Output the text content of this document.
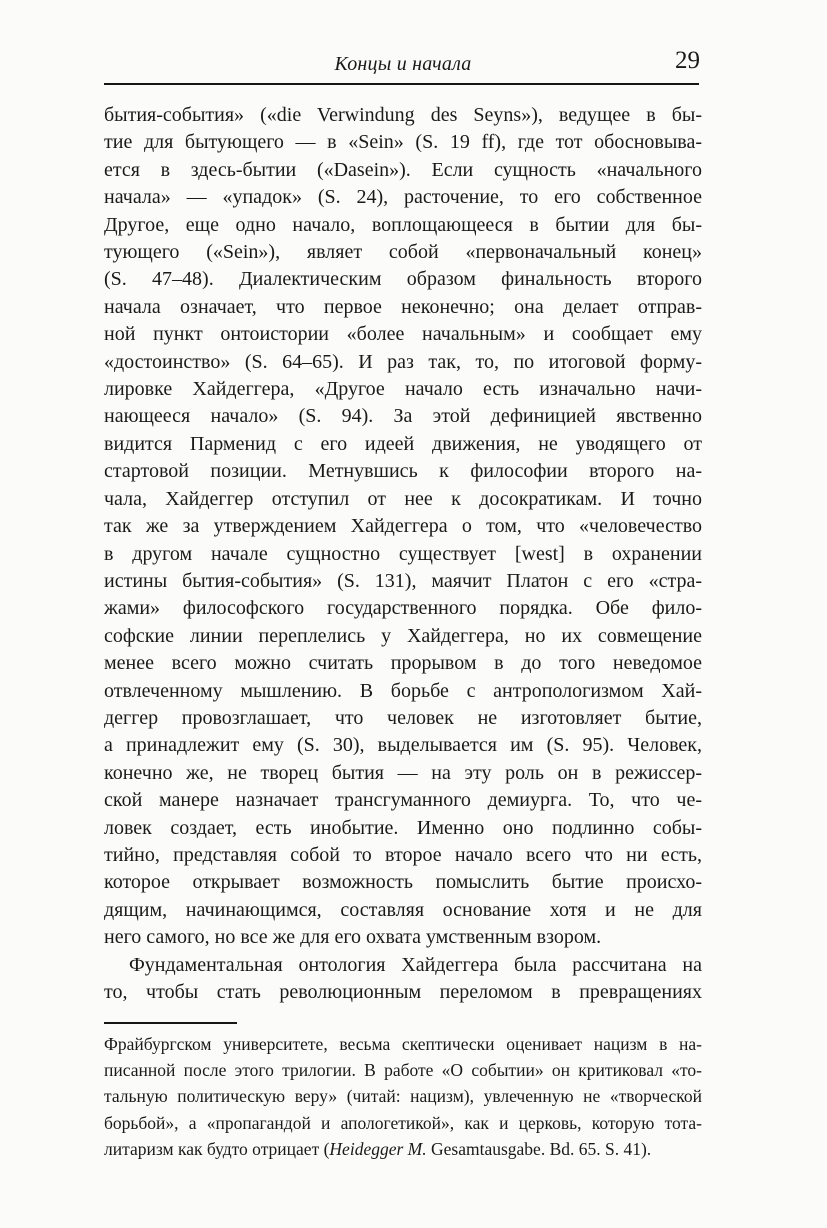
Концы и начала	29
бытия-события» («die Verwindung des Seyns»), ведущее в бы-
тие для бытующего — в «Sein» (S. 19 ff), где тот обосновыва-
ется в здесь-бытии («Dasein»). Если сущность «начального
начала» — «упадок» (S. 24), расточение, то его собственное
Другое, еще одно начало, воплощающееся в бытии для бы-
тующего («Sein»), являет собой «первоначальный конец»
(S. 47–48). Диалектическим образом финальность второго
начала означает, что первое неконечно; она делает отправ-
ной пункт онтоистории «более начальным» и сообщает ему
«достоинство» (S. 64–65). И раз так, то, по итоговой форму-
лировке Хайдеггера, «Другое начало есть изначально начи-
нающееся начало» (S. 94). За этой дефиницией явственно
видится Парменид с его идеей движения, не уводящего от
стартовой позиции. Метнувшись к философии второго на-
чала, Хайдеггер отступил от нее к досократикам. И точно
так же за утверждением Хайдеггера о том, что «человечество
в другом начале сущностно существует [west] в охранении
истины бытия-события» (S. 131), маячит Платон с его «стра-
жами» философского государственного порядка. Обе фило-
софские линии переплелись у Хайдеггера, но их совмещение
менее всего можно считать прорывом в до того неведомое
отвлеченному мышлению. В борьбе с антропологизмом Хай-
деггер провозглашает, что человек не изготовляет бытие,
а принадлежит ему (S. 30), выделывается им (S. 95). Человек,
конечно же, не творец бытия — на эту роль он в режиссер-
ской манере назначает трансгуманного демиурга. То, что че-
ловек создает, есть инобытие. Именно оно подлинно собы-
тийно, представляя собой то второе начало всего что ни есть,
которое открывает возможность помыслить бытие происхо-
дящим, начинающимся, составляя основание хотя и не для
него самого, но все же для его охвата умственным взором.
Фундаментальная онтология Хайдеггера была рассчитана на
то, чтобы стать революционным переломом в превращениях
Фрайбургском университете, весьма скептически оценивает нацизм в на-
писанной после этого трилогии. В работе «О событии» он критиковал «то-
тальную политическую веру» (читай: нацизм), увлеченную не «творческой
борьбой», а «пропагандой и апологетикой», как и церковь, которую тота-
литаризм как будто отрицает (Heidegger M. Gesamtausgabe. Bd. 65. S. 41).
